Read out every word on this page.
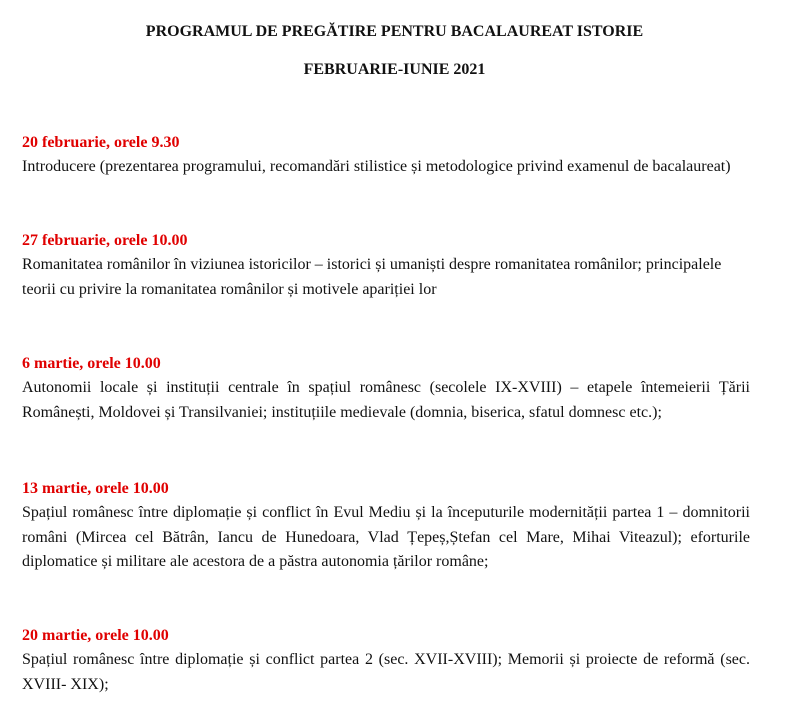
PROGRAMUL DE PREGĂTIRE PENTRU BACALAUREAT ISTORIE
FEBRUARIE-IUNIE 2021
20 februarie, orele 9.30
Introducere (prezentarea programului, recomandări stilistice și metodologice privind examenul de bacalaureat)
27 februarie, orele 10.00
Romanitatea românilor în viziunea istoricilor – istorici și umaniști despre romanitatea românilor; principalele teorii cu privire la romanitatea românilor și motivele apariției lor
6 martie, orele 10.00
Autonomii locale și instituții centrale în spațiul românesc (secolele IX-XVIII) – etapele întemeierii Țării Românești, Moldovei și Transilvaniei; instituțiile medievale (domnia, biserica, sfatul domnesc etc.);
13 martie, orele 10.00
Spațiul românesc între diplomație și conflict în Evul Mediu și la începuturile modernității partea 1 – domnitorii români (Mircea cel Bătrân, Iancu de Hunedoara, Vlad Țepeș,Ștefan cel Mare, Mihai Viteazul); eforturile diplomatice și militare ale acestora de a păstra autonomia țărilor române;
20 martie, orele 10.00
Spațiul românesc între diplomație și conflict partea 2 (sec. XVII-XVIII); Memorii și proiecte de reformă (sec. XVIII- XIX);
